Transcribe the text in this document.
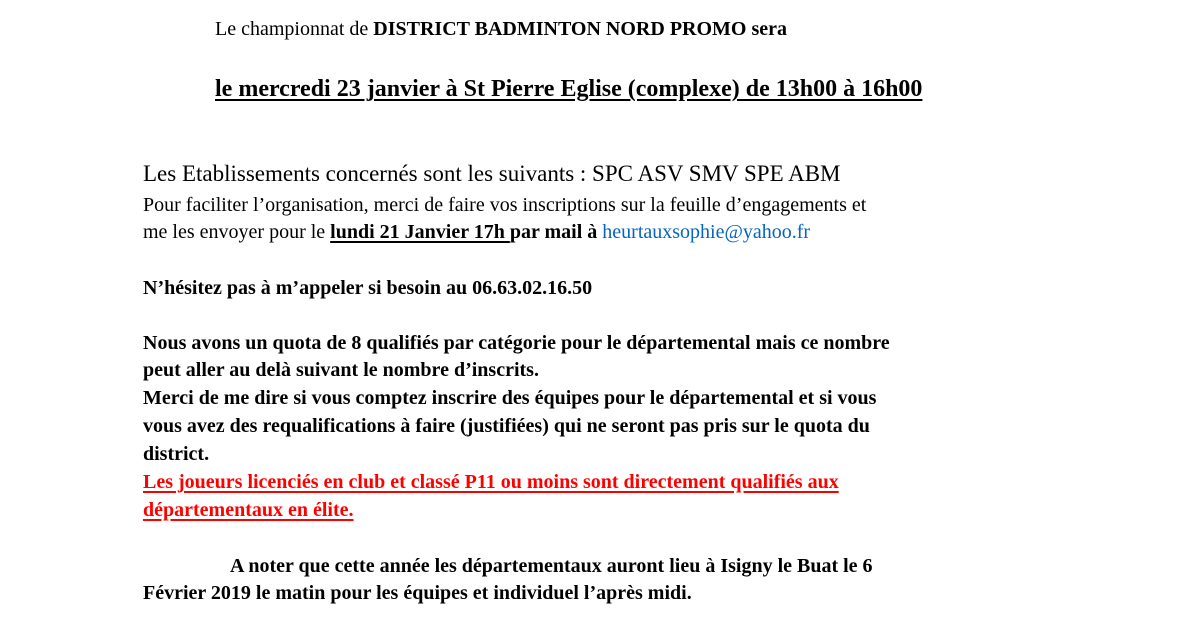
Le championnat de DISTRICT BADMINTON NORD PROMO sera
le mercredi 23 janvier à St Pierre Eglise (complexe) de 13h00 à 16h00
Les Etablissements concernés sont les suivants : SPC ASV SMV SPE ABM
Pour faciliter l’organisation, merci de faire vos inscriptions sur la feuille d’engagements et
me les envoyer pour le lundi 21 Janvier 17h par mail à heurtauxsophie@yahoo.fr
N’hésitez pas à m’appeler si besoin au 06.63.02.16.50
Nous avons un quota de 8 qualifiés par catégorie pour le départemental mais ce nombre
peut aller au delà suivant le nombre d’inscrits.
Merci de me dire si vous comptez inscrire des équipes pour le départemental et si vous
vous avez des requalifications à faire (justifiées) qui ne seront pas pris sur le quota du
district.
Les joueurs licenciés en club et classé P11 ou moins sont directement qualifiés aux
départementaux en élite.
A noter que cette année les départementaux auront lieu à Isigny le Buat le 6
Février 2019 le matin pour les équipes et individuel l’après midi.
